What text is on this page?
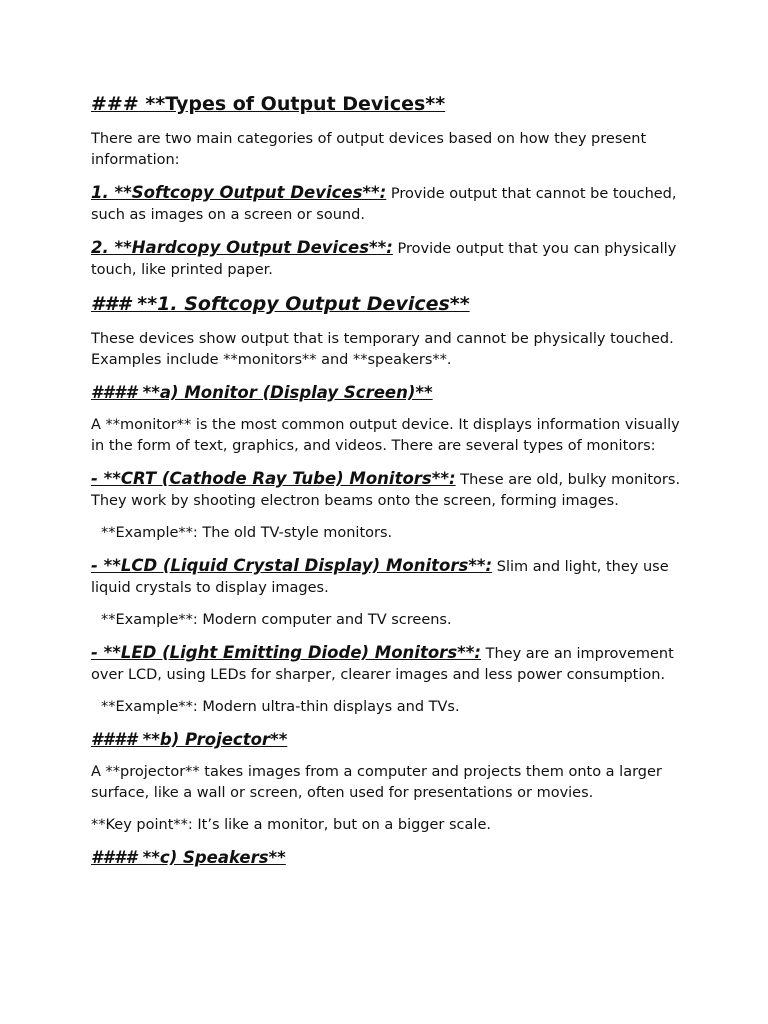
### **Types of Output Devices**

There are two main categories of output devices based on how they present information:

1. **Softcopy Output Devices**: Provide output that cannot be touched, such as images on a screen or sound.

2. **Hardcopy Output Devices**: Provide output that you can physically touch, like printed paper.

### **1. Softcopy Output Devices**

These devices show output that is temporary and cannot be physically touched. Examples include **monitors** and **speakers**.

#### **a) Monitor (Display Screen)**

A **monitor** is the most common output device. It displays information visually in the form of text, graphics, and videos. There are several types of monitors:

- **CRT (Cathode Ray Tube) Monitors**: These are old, bulky monitors. They work by shooting electron beams onto the screen, forming images.

**Example**: The old TV-style monitors.

- **LCD (Liquid Crystal Display) Monitors**: Slim and light, they use liquid crystals to display images.

**Example**: Modern computer and TV screens.

- **LED (Light Emitting Diode) Monitors**: They are an improvement over LCD, using LEDs for sharper, clearer images and less power consumption.

**Example**: Modern ultra-thin displays and TVs.

#### **b) Projector**

A **projector** takes images from a computer and projects them onto a larger surface, like a wall or screen, often used for presentations or movies.

**Key point**: It’s like a monitor, but on a bigger scale.

#### **c) Speakers**
